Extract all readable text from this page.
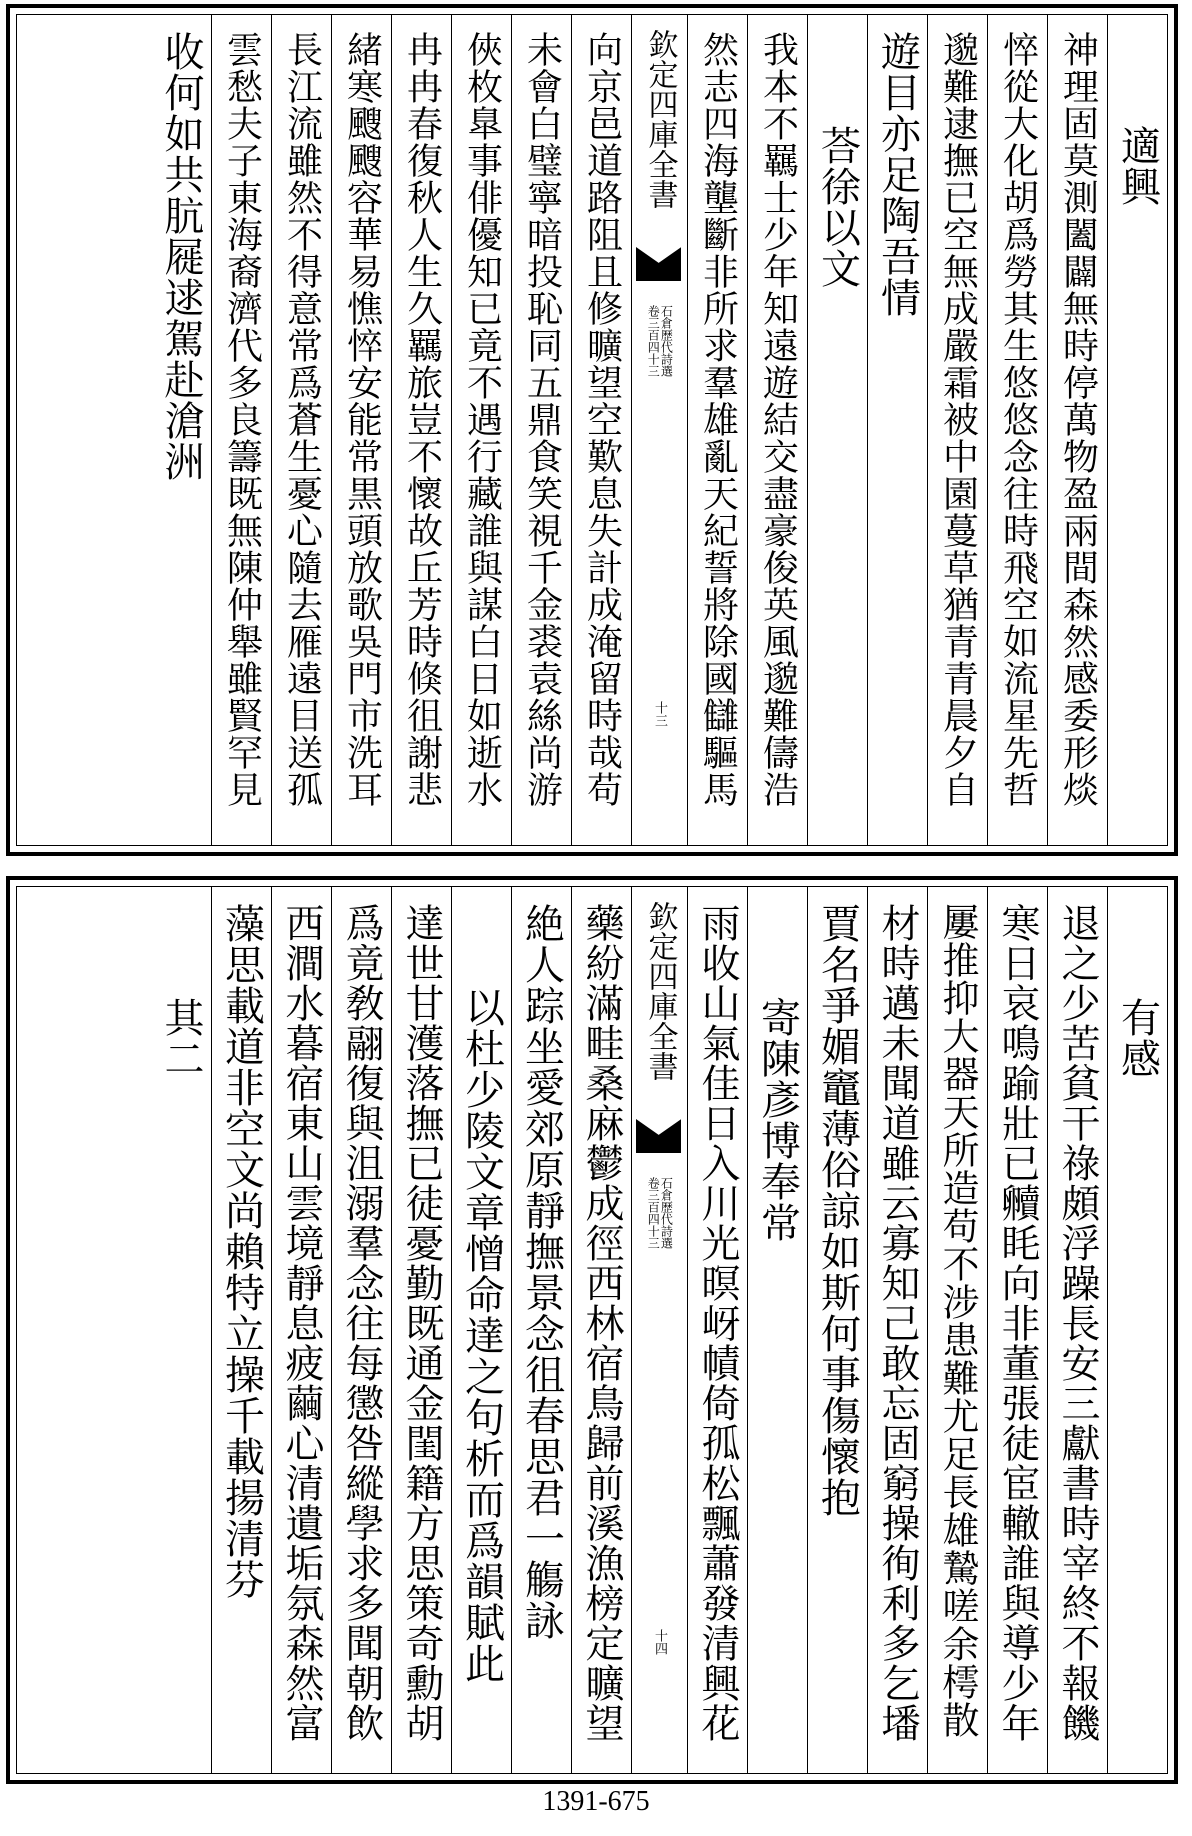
適興
神理固莫測闔闢無時停萬物盈兩間森然感委形㷋
悴從大化胡爲勞其生悠悠念往時飛空如流星先哲
邈難逮撫已空無成嚴霜被中園蔓草猶青青晨夕自
遊目亦足陶吾情
荅徐以文
我本不羈士少年知遠遊結交盡豪俊英風邈難儔浩
然志四海壟斷非所求羣雄亂天紀誓將除國讎驅馬
欽定四庫全書
石倉歷代詩選
卷三百四十三
十三
向京邑道路阻且修曠望空歎息失計成淹留時哉苟
未會白璧寧暗投恥同五鼎食笑視千金裘袁絲尚游
俠枚臯事俳優知已竟不遇行藏誰與謀白日如逝水
冉冉春復秋人生久羈旅豈不懷故丘芳時倏徂謝悲
緒寒颼颼容華易憔悴安能常黒頭放歌吳門市洗耳
長江流雖然不得意常爲蒼生憂心隨去雁遠目送孤
雲愁夫子東海裔濟代多良籌既無陳仲舉雖賢罕見
收何如共肮屣逑駕赴滄洲
有感
退之少苦貧干祿頗浮躁長安三獻書時宰終不報饑
寒日哀鳴踰壯已贕眊向非董張徒宦轍誰與導少年
屢推抑大器天所造苟不涉患難尤足長雄騺嗟余樗散
材時邁未聞道雖云寡知己敢忘固窮操徇利多乞墦
賈名爭媚竈薄俗諒如斯何事傷懷抱
寄陳彥博奉常
雨收山氣佳日入川光暝岈幘倚孤松飄蕭發清興花
欽定四庫全書
石倉歷代詩選
卷三百四十三
十四
藥紛滿畦桑麻鬱成徑西林宿鳥歸前溪漁榜定曠望
絶人踪坐愛郊原靜撫景念徂春思君一觴詠
以杜少陵文章憎命達之句析而爲韻賦此
達世甘濩落撫已徒憂勤既通金閨籍方思策奇勳胡
爲竟敎翮復與沮溺羣念往每懲咎縱學求多聞朝飲
西澗水暮宿東山雲境靜息疲繭心清遺垢氛森然富
藻思載道非空文尚賴特立操千載揚清芬
其二
1391-675
